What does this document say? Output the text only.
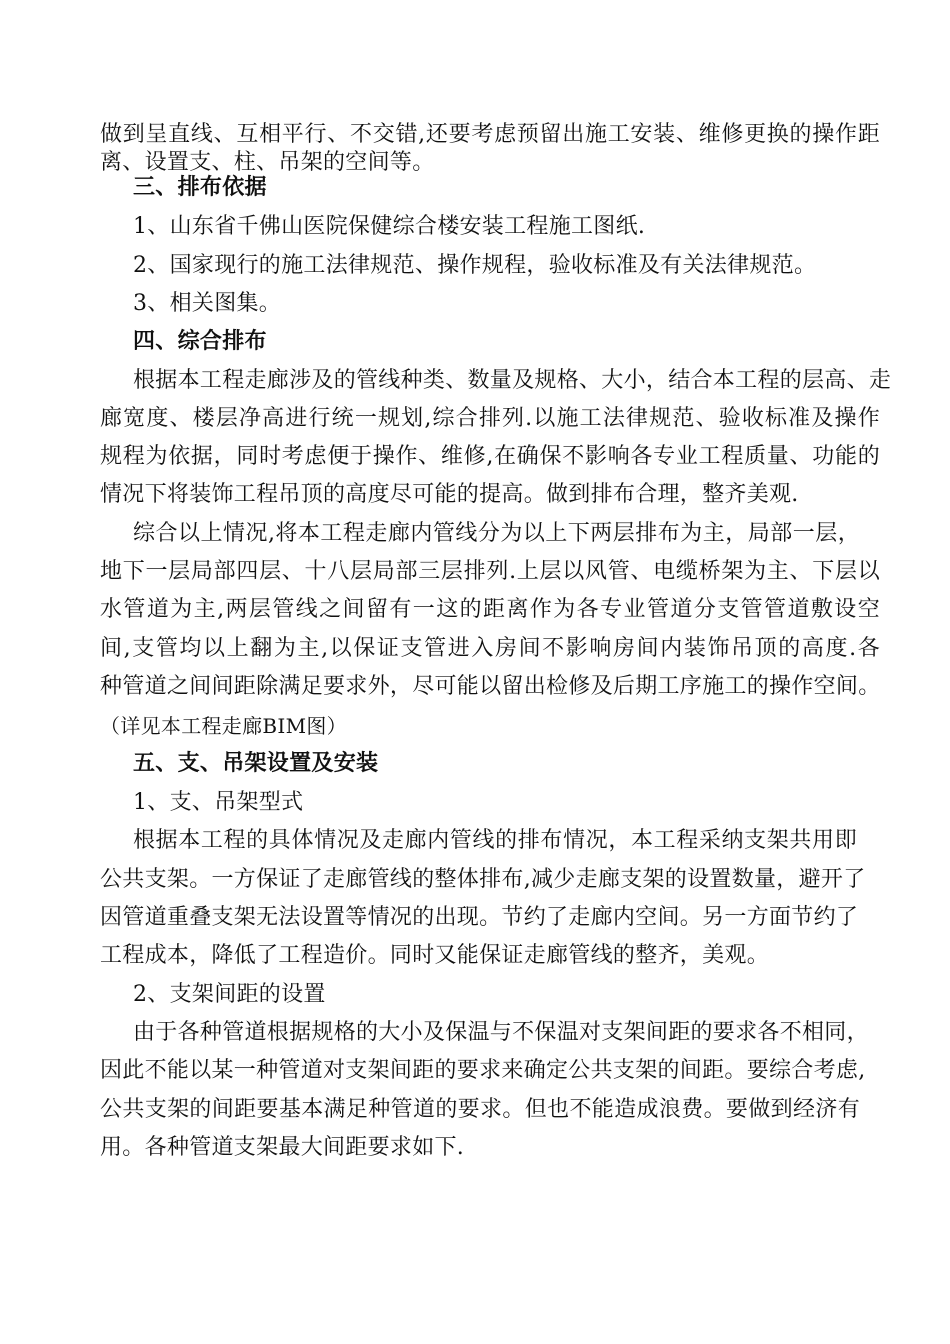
做到呈直线、互相平行、不交错,还要考虑预留出施工安装、维修更换的操作距
离、设置支、柱、吊架的空间等。
三、排布依据
1、山东省千佛山医院保健综合楼安装工程施工图纸.
2、国家现行的施工法律规范、操作规程，验收标准及有关法律规范。
3、相关图集。
四、综合排布
根据本工程走廊涉及的管线种类、数量及规格、大小，结合本工程的层高、走
廊宽度、楼层净高进行统一规划,综合排列.以施工法律规范、验收标准及操作
规程为依据，同时考虑便于操作、维修,在确保不影响各专业工程质量、功能的
情况下将装饰工程吊顶的高度尽可能的提高。做到排布合理，整齐美观.
综合以上情况,将本工程走廊内管线分为以上下两层排布为主，局部一层，
地下一层局部四层、十八层局部三层排列.上层以风管、电缆桥架为主、下层以
水管道为主,两层管线之间留有一这的距离作为各专业管道分支管管道敷设空
间,支管均以上翻为主,以保证支管进入房间不影响房间内装饰吊顶的高度.各
种管道之间间距除满足要求外，尽可能以留出检修及后期工序施工的操作空间。
（详见本工程走廊BIM图）
五、支、吊架设置及安装
1、支、吊架型式
根据本工程的具体情况及走廊内管线的排布情况，本工程采纳支架共用即
公共支架。一方保证了走廊管线的整体排布,减少走廊支架的设置数量，避开了
因管道重叠支架无法设置等情况的出现。节约了走廊内空间。另一方面节约了
工程成本，降低了工程造价。同时又能保证走廊管线的整齐，美观。
2、支架间距的设置
由于各种管道根据规格的大小及保温与不保温对支架间距的要求各不相同，
因此不能以某一种管道对支架间距的要求来确定公共支架的间距。要综合考虑,
公共支架的间距要基本满足种管道的要求。但也不能造成浪费。要做到经济有
用。各种管道支架最大间距要求如下.
